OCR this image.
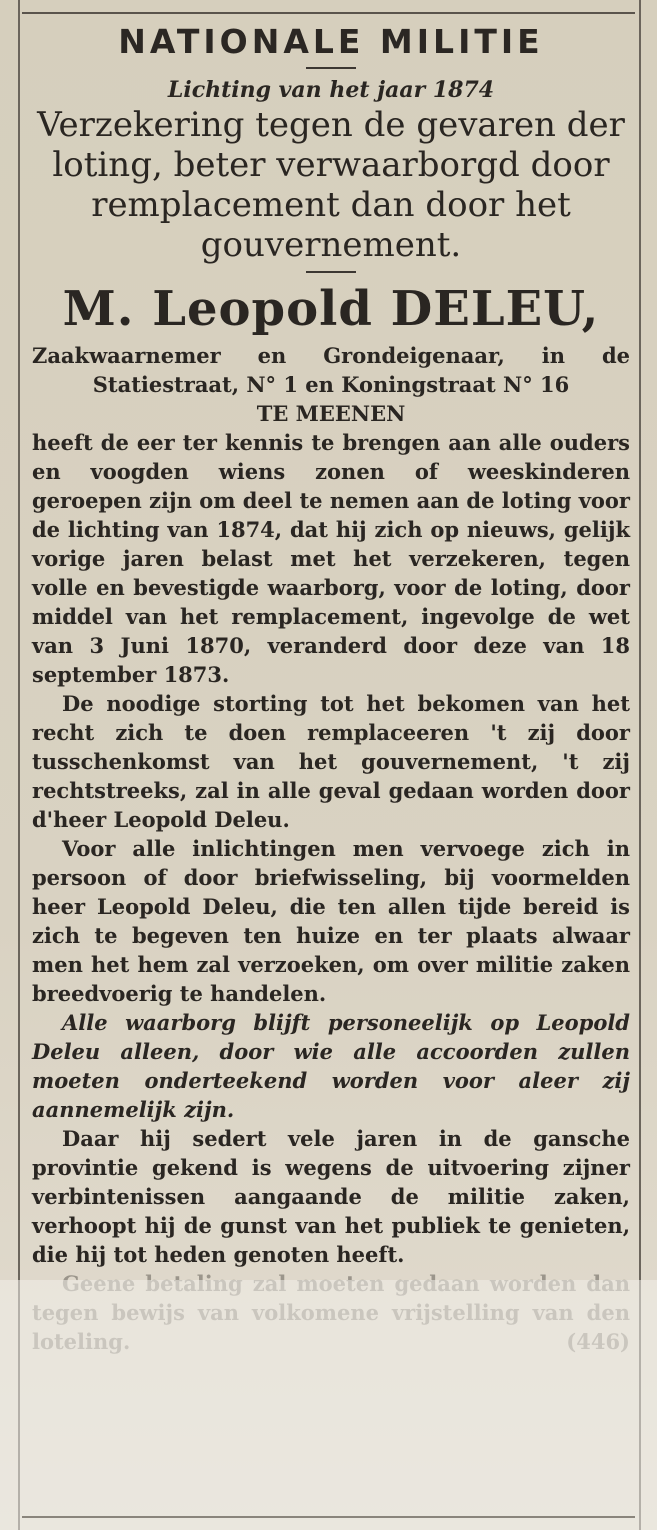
NATIONALE MILITIE
Lichting van het jaar 1874

Verzekering tegen de gevaren der loting, beter verwaarborgd door remplacement dan door het gouvernement.

M. Leopold DELEU,

Zaakwaarnemer en Grondeigenaar, in de Statiestraat, N° 1 en Koningstraat N° 16

TE MEENEN

heeft de eer ter kennis te brengen aan alle ouders en voogden wiens zonen of weeskinderen geroepen zijn om deel te nemen aan de loting voor de lichting van 1874, dat hij zich op nieuws, gelijk vorige jaren belast met het verzekeren, tegen volle en bevestigde waarborg, voor de loting, door middel van het remplacement, ingevolge de wet van 3 Juni 1870, veranderd door deze van 18 september 1873.

De noodige storting tot het bekomen van het recht zich te doen remplaceeren 't zij door tusschenkomst van het gouvernement, 't zij rechtstreeks, zal in alle geval gedaan worden door d'heer Leopold Deleu.

Voor alle inlichtingen men vervoege zich in persoon of door briefwisseling, bij voormelden heer Leopold Deleu, die ten allen tijde bereid is zich te begeven ten huize en ter plaats alwaar men het hem zal verzoeken, om over militie zaken breedvoerig te handelen.

Alle waarborg blijft personeelijk op Leopold Deleu alleen, door wie alle accoorden zullen moeten onderteekend worden voor aleer zij aannemelijk zijn.

Daar hij sedert vele jaren in de gansche provintie gekend is wegens de uitvoering zijner verbintenissen aangaande de militie zaken, verhoopt hij de gunst van het publiek te genieten, die hij tot heden genoten heeft.
